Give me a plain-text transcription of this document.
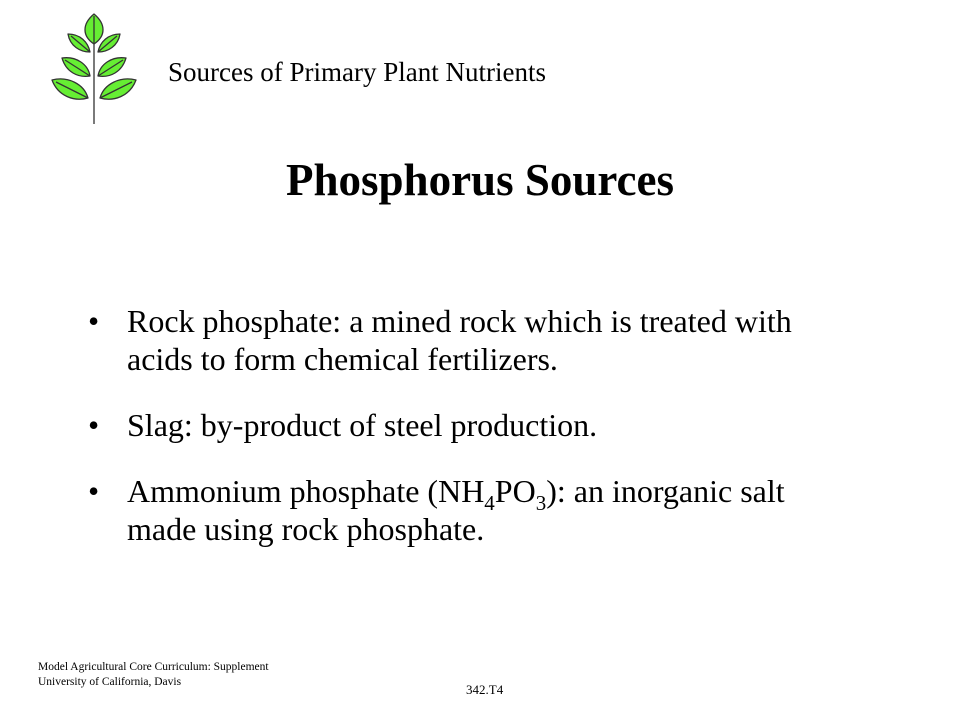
Sources of Primary Plant Nutrients
Phosphorus Sources
• Rock phosphate: a mined rock which is treated with acids to form chemical fertilizers.
• Slag: by-product of steel production.
• Ammonium phosphate $(NH_4PO_3)$: an inorganic salt made using rock phosphate.
Model Agricultural Core Curriculum: Supplement
University of California, Davis	342.T4
